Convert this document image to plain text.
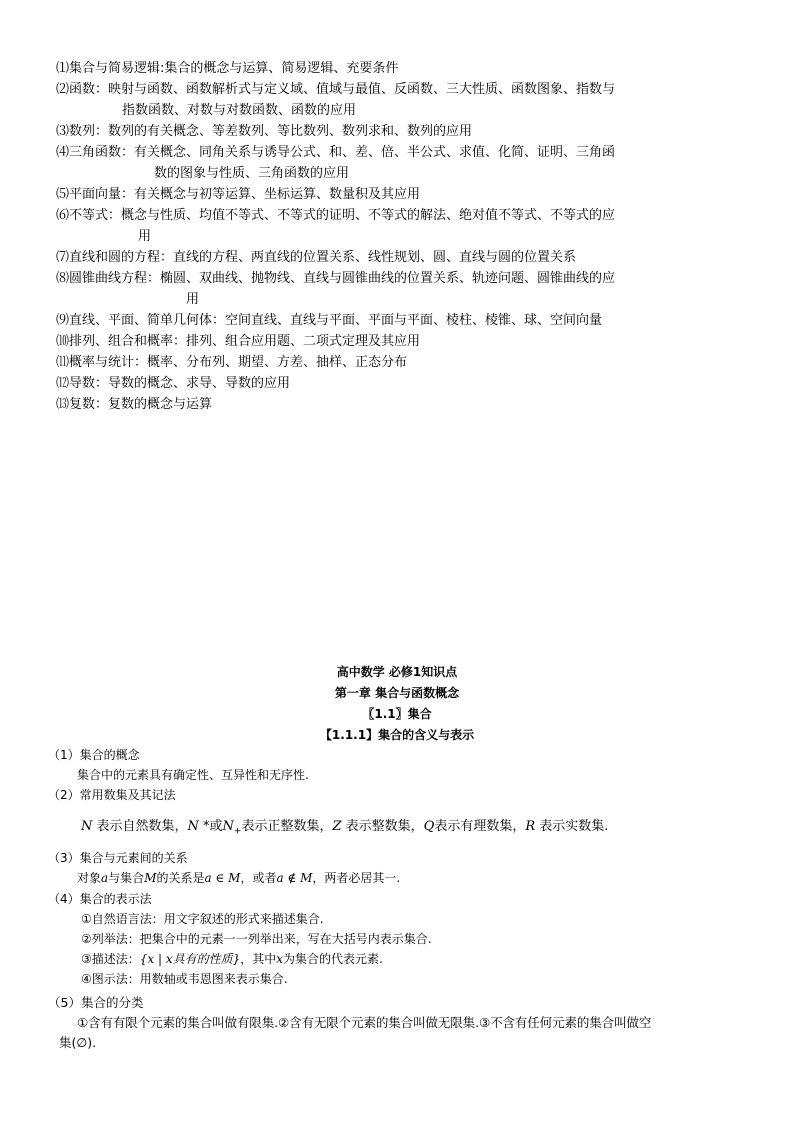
⑴集合与简易逻辑:集合的概念与运算、简易逻辑、充要条件
⑵函数：映射与函数、函数解析式与定义域、值域与最值、反函数、三大性质、函数图象、指数与
指数函数、对数与对数函数、函数的应用
⑶数列：数列的有关概念、等差数列、等比数列、数列求和、数列的应用
⑷三角函数：有关概念、同角关系与诱导公式、和、差、倍、半公式、求值、化简、证明、三角函
数的图象与性质、三角函数的应用
⑸平面向量：有关概念与初等运算、坐标运算、数量积及其应用
⑹不等式：概念与性质、均值不等式、不等式的证明、不等式的解法、绝对值不等式、不等式的应
用
⑺直线和圆的方程：直线的方程、两直线的位置关系、线性规划、圆、直线与圆的位置关系
⑻圆锥曲线方程：椭圆、双曲线、抛物线、直线与圆锥曲线的位置关系、轨迹问题、圆锥曲线的应
用
⑼直线、平面、简单几何体：空间直线、直线与平面、平面与平面、棱柱、棱锥、球、空间向量
⑽排列、组合和概率：排列、组合应用题、二项式定理及其应用
⑾概率与统计：概率、分布列、期望、方差、抽样、正态分布
⑿导数：导数的概念、求导、导数的应用
⒀复数：复数的概念与运算
高中数学 必修1知识点
第一章 集合与函数概念
〖1.1〗集合
【1.1.1】集合的含义与表示
（1）集合的概念
集合中的元素具有确定性、互异性和无序性.
（2）常用数集及其记法
N 表示自然数集，N *或$N_+$表示正整数集，Z 表示整数集，Q表示有理数集，R 表示实数集.
（3）集合与元素间的关系
对象a与集合M的关系是a ∈ M，或者a ∉ M，两者必居其一.
（4）集合的表示法
①自然语言法：用文字叙述的形式来描述集合.
②列举法：把集合中的元素一一列举出来，写在大括号内表示集合.
③描述法：{x | x具有的性质}，其中x为集合的代表元素.
④图示法：用数轴或韦恩图来表示集合.
（5）集合的分类
①含有有限个元素的集合叫做有限集.②含有无限个元素的集合叫做无限集.③不含有任何元素的集合叫做空
集(∅).
